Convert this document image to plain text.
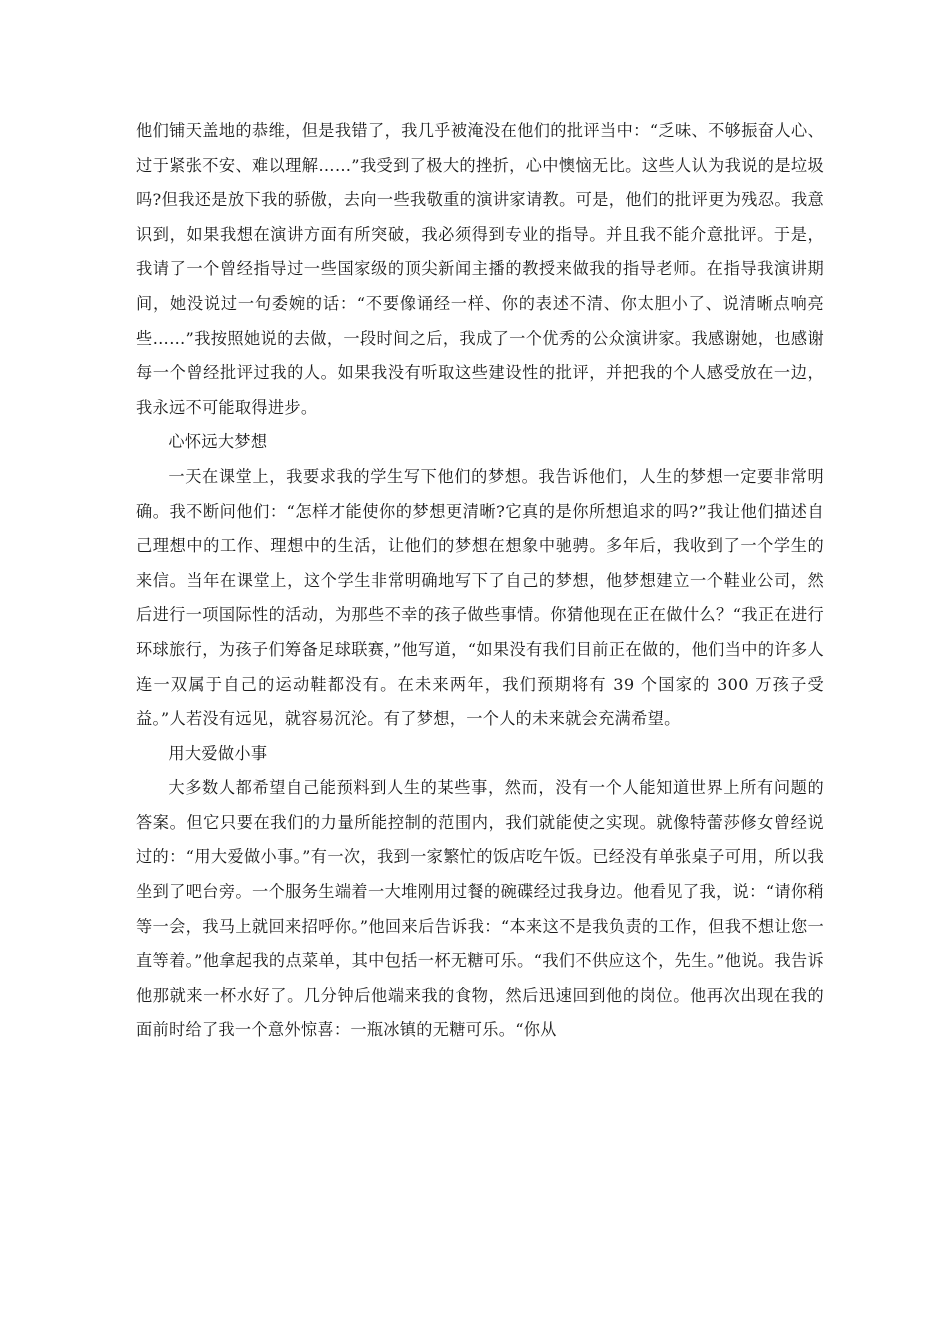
他们铺天盖地的恭维，但是我错了，我几乎被淹没在他们的批评当中：“乏味、不够振奋人心、过于紧张不安、难以理解……”我受到了极大的挫折，心中懊恼无比。这些人认为我说的是垃圾吗?但我还是放下我的骄傲，去向一些我敬重的演讲家请教。可是，他们的批评更为残忍。我意识到，如果我想在演讲方面有所突破，我必须得到专业的指导。并且我不能介意批评。于是，我请了一个曾经指导过一些国家级的顶尖新闻主播的教授来做我的指导老师。在指导我演讲期间，她没说过一句委婉的话：“不要像诵经一样、你的表述不清、你太胆小了、说清晰点响亮些……”我按照她说的去做，一段时间之后，我成了一个优秀的公众演讲家。我感谢她，也感谢每一个曾经批评过我的人。如果我没有听取这些建设性的批评，并把我的个人感受放在一边，我永远不可能取得进步。

心怀远大梦想

一天在课堂上，我要求我的学生写下他们的梦想。我告诉他们，人生的梦想一定要非常明确。我不断问他们：“怎样才能使你的梦想更清晰?它真的是你所想追求的吗?”我让他们描述自己理想中的工作、理想中的生活，让他们的梦想在想象中驰骋。多年后，我收到了一个学生的来信。当年在课堂上，这个学生非常明确地写下了自己的梦想，他梦想建立一个鞋业公司，然后进行一项国际性的活动，为那些不幸的孩子做些事情。你猜他现在正在做什么？“我正在进行环球旅行，为孩子们筹备足球联赛，”他写道，“如果没有我们目前正在做的，他们当中的许多人连一双属于自己的运动鞋都没有。在未来两年，我们预期将有 39 个国家的 300 万孩子受益。”人若没有远见，就容易沉沦。有了梦想，一个人的未来就会充满希望。

用大爱做小事

大多数人都希望自己能预料到人生的某些事，然而，没有一个人能知道世界上所有问题的答案。但它只要在我们的力量所能控制的范围内，我们就能使之实现。就像特蕾莎修女曾经说过的：“用大爱做小事。”有一次，我到一家繁忙的饭店吃午饭。已经没有单张桌子可用，所以我坐到了吧台旁。一个服务生端着一大堆刚用过餐的碗碟经过我身边。他看见了我，说：“请你稍等一会，我马上就回来招呼你。”他回来后告诉我：“本来这不是我负责的工作，但我不想让您一直等着。”他拿起我的点菜单，其中包括一杯无糖可乐。“我们不供应这个，先生。”他说。我告诉他那就来一杯水好了。几分钟后他端来我的食物，然后迅速回到他的岗位。他再次出现在我的面前时给了我一个意外惊喜：一瓶冰镇的无糖可乐。“你从
